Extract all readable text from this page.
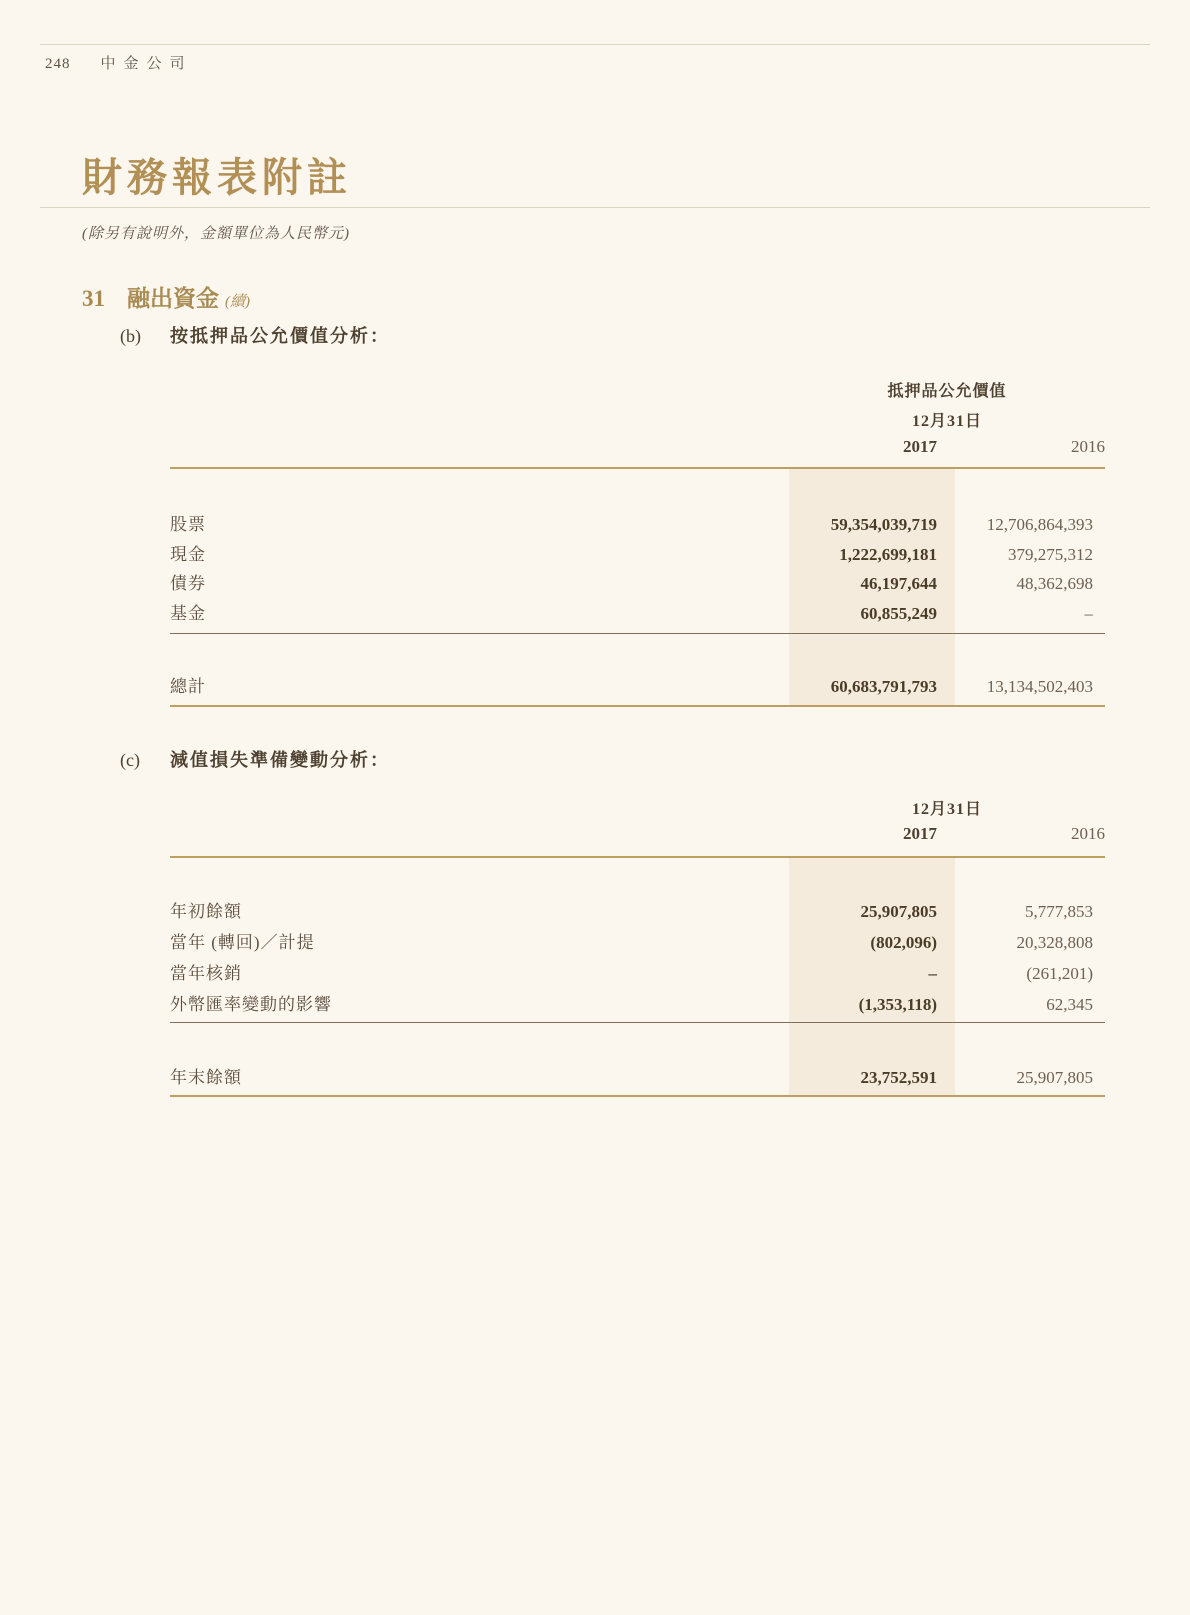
248 中金公司
財務報表附註
(除另有說明外，金額單位為人民幣元)
31 融出資金 (續)
(b) 按抵押品公允價值分析：
抵押品公允價值
12月31日
2017	2016
股票	59,354,039,719	12,706,864,393
現金	1,222,699,181	379,275,312
債券	46,197,644	48,362,698
基金	60,855,249	–
總計	60,683,791,793	13,134,502,403
(c) 減值損失準備變動分析：
12月31日
2017	2016
年初餘額	25,907,805	5,777,853
當年 (轉回)／計提	(802,096)	20,328,808
當年核銷	–	(261,201)
外幣匯率變動的影響	(1,353,118)	62,345
年末餘額	23,752,591	25,907,805
